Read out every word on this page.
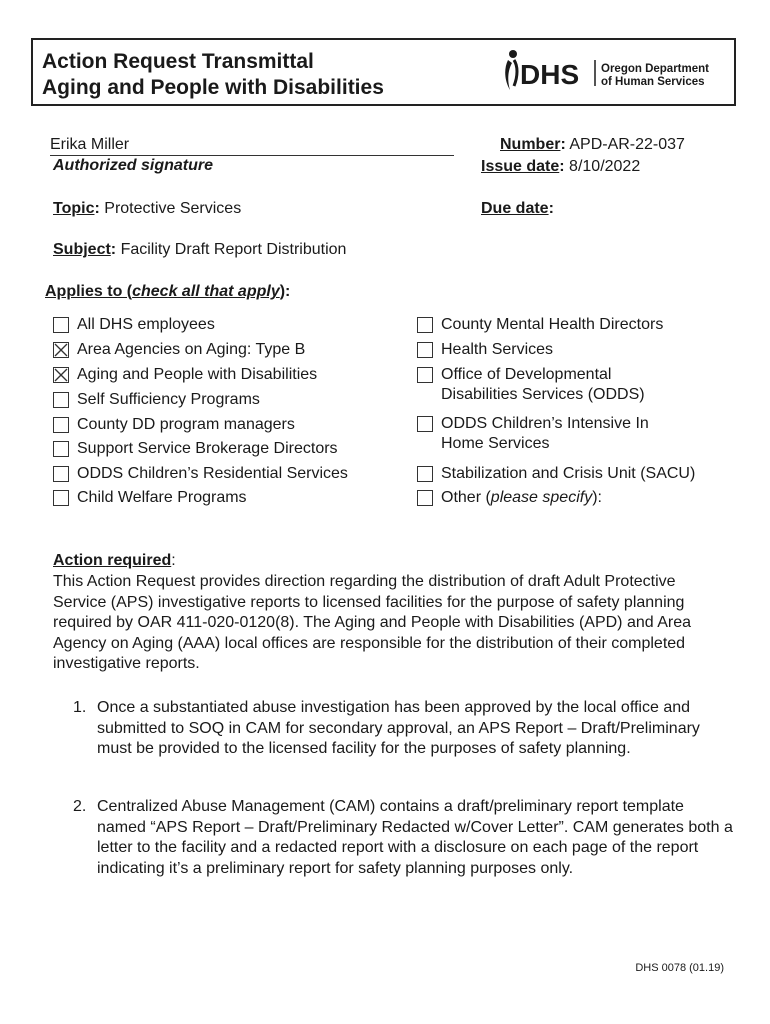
Action Request Transmittal
Aging and People with Disabilities	DHS Oregon Department
of Human Services
Erika Miller
Authorized signature
Number: APD-AR-22-037
Issue date: 8/10/2022
Topic: Protective Services	Due date:
Subject: Facility Draft Report Distribution
Applies to (check all that apply):
All DHS employees
Area Agencies on Aging: Type B
Aging and People with Disabilities
Self Sufficiency Programs
County DD program managers
Support Service Brokerage Directors
ODDS Children’s Residential Services
Child Welfare Programs
County Mental Health Directors
Health Services
Office of Developmental
Disabilities Services (ODDS)
ODDS Children’s Intensive In
Home Services
Stabilization and Crisis Unit (SACU)
Other (please specify):
Action required:
This Action Request provides direction regarding the distribution of draft Adult Protective Service (APS) investigative reports to licensed facilities for the purpose of safety planning required by OAR 411-020-0120(8). The Aging and People with Disabilities (APD) and Area Agency on Aging (AAA) local offices are responsible for the distribution of their completed investigative reports.
1. Once a substantiated abuse investigation has been approved by the local office and submitted to SOQ in CAM for secondary approval, an APS Report – Draft/Preliminary must be provided to the licensed facility for the purposes of safety planning.
2. Centralized Abuse Management (CAM) contains a draft/preliminary report template named “APS Report – Draft/Preliminary Redacted w/Cover Letter”. CAM generates both a letter to the facility and a redacted report with a disclosure on each page of the report indicating it’s a preliminary report for safety planning purposes only.
DHS 0078 (01.19)
